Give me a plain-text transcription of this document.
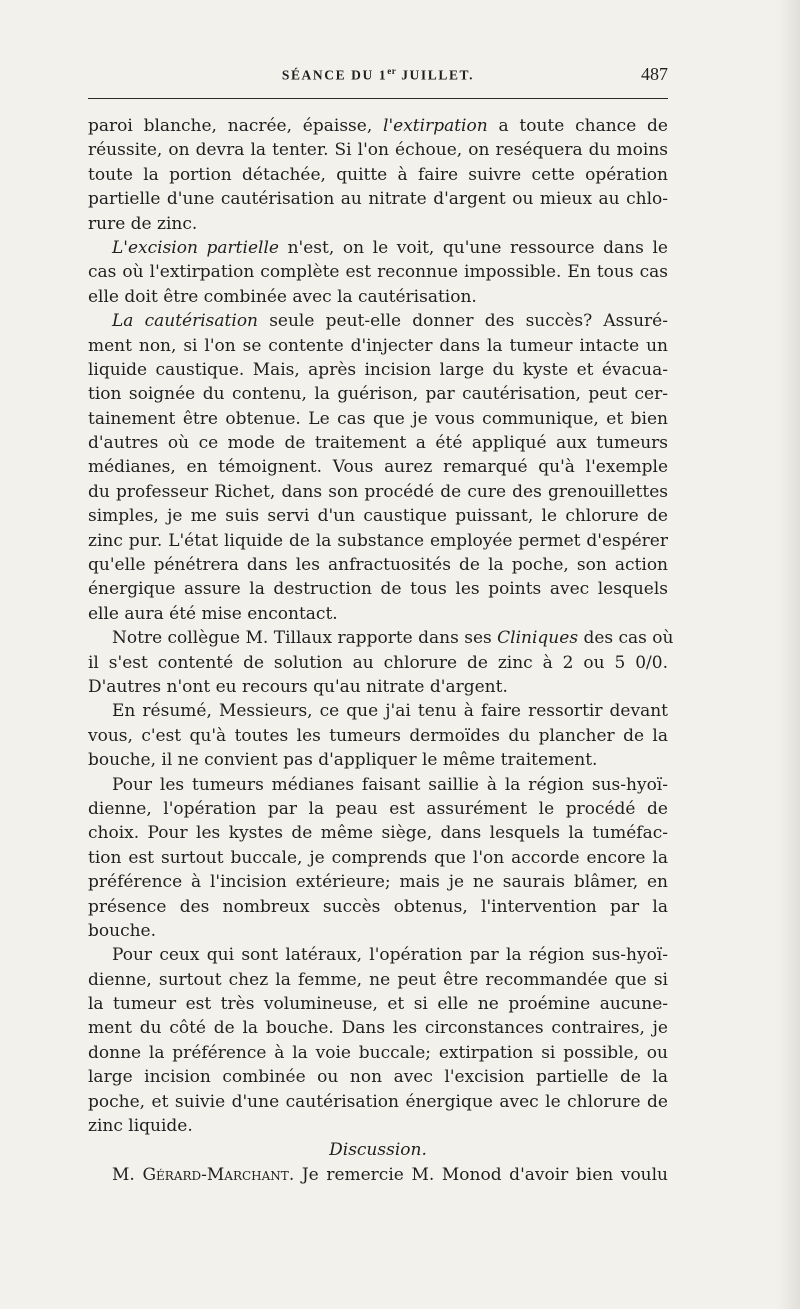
SÉANCE DU 1er JUILLET.	487
paroi blanche, nacrée, épaisse, l'extirpation a toute chance de
réussite, on devra la tenter. Si l'on échoue, on reséquera du moins
toute la portion détachée, quitte à faire suivre cette opération
partielle d'une cautérisation au nitrate d'argent ou mieux au chlo-
rure de zinc.
L'excision partielle n'est, on le voit, qu'une ressource dans le
cas où l'extirpation complète est reconnue impossible. En tous cas
elle doit être combinée avec la cautérisation.
La cautérisation seule peut-elle donner des succès? Assuré-
ment non, si l'on se contente d'injecter dans la tumeur intacte un
liquide caustique. Mais, après incision large du kyste et évacua-
tion soignée du contenu, la guérison, par cautérisation, peut cer-
tainement être obtenue. Le cas que je vous communique, et bien
d'autres où ce mode de traitement a été appliqué aux tumeurs
médianes, en témoignent. Vous aurez remarqué qu'à l'exemple
du professeur Richet, dans son procédé de cure des grenouillettes
simples, je me suis servi d'un caustique puissant, le chlorure de
zinc pur. L'état liquide de la substance employée permet d'espérer
qu'elle pénétrera dans les anfractuosités de la poche, son action
énergique assure la destruction de tous les points avec lesquels
elle aura été mise encontact.
Notre collègue M. Tillaux rapporte dans ses Cliniques des cas où
il s'est contenté de solution au chlorure de zinc à 2 ou 5 0/0.
D'autres n'ont eu recours qu'au nitrate d'argent.
En résumé, Messieurs, ce que j'ai tenu à faire ressortir devant
vous, c'est qu'à toutes les tumeurs dermoïdes du plancher de la
bouche, il ne convient pas d'appliquer le même traitement.
Pour les tumeurs médianes faisant saillie à la région sus-hyoï-
dienne, l'opération par la peau est assurément le procédé de
choix. Pour les kystes de même siège, dans lesquels la tuméfac-
tion est surtout buccale, je comprends que l'on accorde encore la
préférence à l'incision extérieure; mais je ne saurais blâmer, en
présence des nombreux succès obtenus, l'intervention par la
bouche.
Pour ceux qui sont latéraux, l'opération par la région sus-hyoï-
dienne, surtout chez la femme, ne peut être recommandée que si
la tumeur est très volumineuse, et si elle ne proémine aucune-
ment du côté de la bouche. Dans les circonstances contraires, je
donne la préférence à la voie buccale; extirpation si possible, ou
large incision combinée ou non avec l'excision partielle de la
poche, et suivie d'une cautérisation énergique avec le chlorure de
zinc liquide.
Discussion.
M. Gérard-Marchant. Je remercie M. Monod d'avoir bien voulu
